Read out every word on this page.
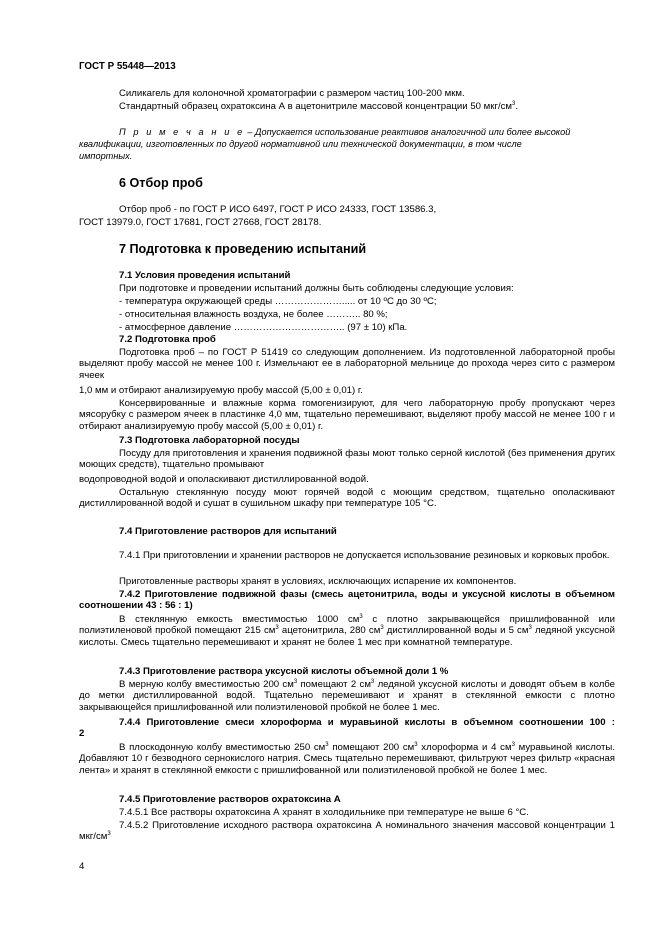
ГОСТ Р 55448—2013
Силикагель для колоночной хроматографии с размером частиц 100-200 мкм.
Стандартный образец охратоксина А в ацетонитриле массовой концентрации 50 мкг/$см^3$.
П р и м е ч а н и е – Допускается использование реактивов аналогичной или более высокой
квалификации, изготовленных по другой нормативной или технической документации, в том числе
импортных.
6 Отбор проб
Отбор проб - по ГОСТ Р ИСО 6497, ГОСТ Р ИСО 24333, ГОСТ 13586.3,
ГОСТ 13979.0, ГОСТ 17681, ГОСТ 27668, ГОСТ 28178.
7 Подготовка к проведению испытаний
7.1 Условия проведения испытаний
При подготовке и проведении испытаний должны быть соблюдены следующие условия:
- температура окружающей среды …………………..... от 10 ºС до 30 ºС;
- относительная влажность воздуха, не более ……….. 80 %;
- атмосферное давление …………………………….. (97 ± 10) кПа.
7.2 Подготовка проб

Подготовка проб – по ГОСТ Р 51419 со следующим дополнением. Из подготовленной лабораторной пробы выделяют пробу массой не менее 100 г. Измельчают ее в лабораторной мельнице до прохода через сито с размером ячеек

1,0 мм и отбирают анализируемую пробу массой (5,00 ± 0,01) г.

Консервированные и влажные корма гомогенизируют, для чего лабораторную пробу пропускают через мясорубку с размером ячеек в пластинке 4,0 мм, тщательно перемешивают, выделяют пробу массой не менее 100 г и отбирают анализируемую пробу массой (5,00 ± 0,01) г.

7.3 Подготовка лабораторной посуды

Посуду для приготовления и хранения подвижной фазы моют только серной кислотой (без применения других моющих средств), тщательно промывают

водопроводной водой и ополаскивают дистиллированной водой.

Остальную стеклянную посуду моют горячей водой с моющим средством, тщательно ополаскивают дистиллированной водой и сушат в сушильном шкафу при температуре 105 °С.

7.4 Приготовление растворов для испытаний

7.4.1 При приготовлении и хранении растворов не допускается использование резиновых и корковых пробок.

Приготовленные растворы хранят в условиях, исключающих испарение их компонентов.

7.4.2 Приготовление подвижной фазы (смесь ацетонитрила, воды и уксусной кислоты в объемном соотношении 43 : 56 : 1)

В стеклянную емкость вместимостью 1000 $см^3$ с плотно закрывающейся пришлифованной или полиэтиленовой пробкой помещают 215 $см^3$ ацетонитрила, 280 $см^3$ дистиллированной воды и 5 $см^3$ ледяной уксусной кислоты. Смесь тщательно перемешивают и хранят не более 1 мес при комнатной температуре.

7.4.3 Приготовление раствора уксусной кислоты объемной доли 1 %

В мерную колбу вместимостью 200 $см^3$ помещают 2 $см^3$ ледяной уксусной кислоты и доводят объем в колбе до метки дистиллированной водой. Тщательно перемешивают и хранят в стеклянной емкости с плотно закрывающейся пришлифованной или полиэтиленовой пробкой не более 1 мес.

7.4.4 Приготовление смеси хлороформа и муравьиной кислоты в объемном соотношении 100 : 2

В плоскодонную колбу вместимостью 250 $см^3$ помещают 200 $см^3$ хлороформа и 4 $см^3$ муравьиной кислоты. Добавляют 10 г безводного сернокислого натрия. Смесь тщательно перемешивают, фильтруют через фильтр «красная лента» и хранят в стеклянной емкости с пришлифованной или полиэтиленовой пробкой не более 1 мес.

7.4.5 Приготовление растворов охратоксина А
7.4.5.1 Все растворы охратоксина А хранят в холодильнике при температуре не выше 6 °С.

7.4.5.2 Приготовление исходного раствора охратоксина А номинального значения массовой концентрации 1 мкг/$см^3$

4
